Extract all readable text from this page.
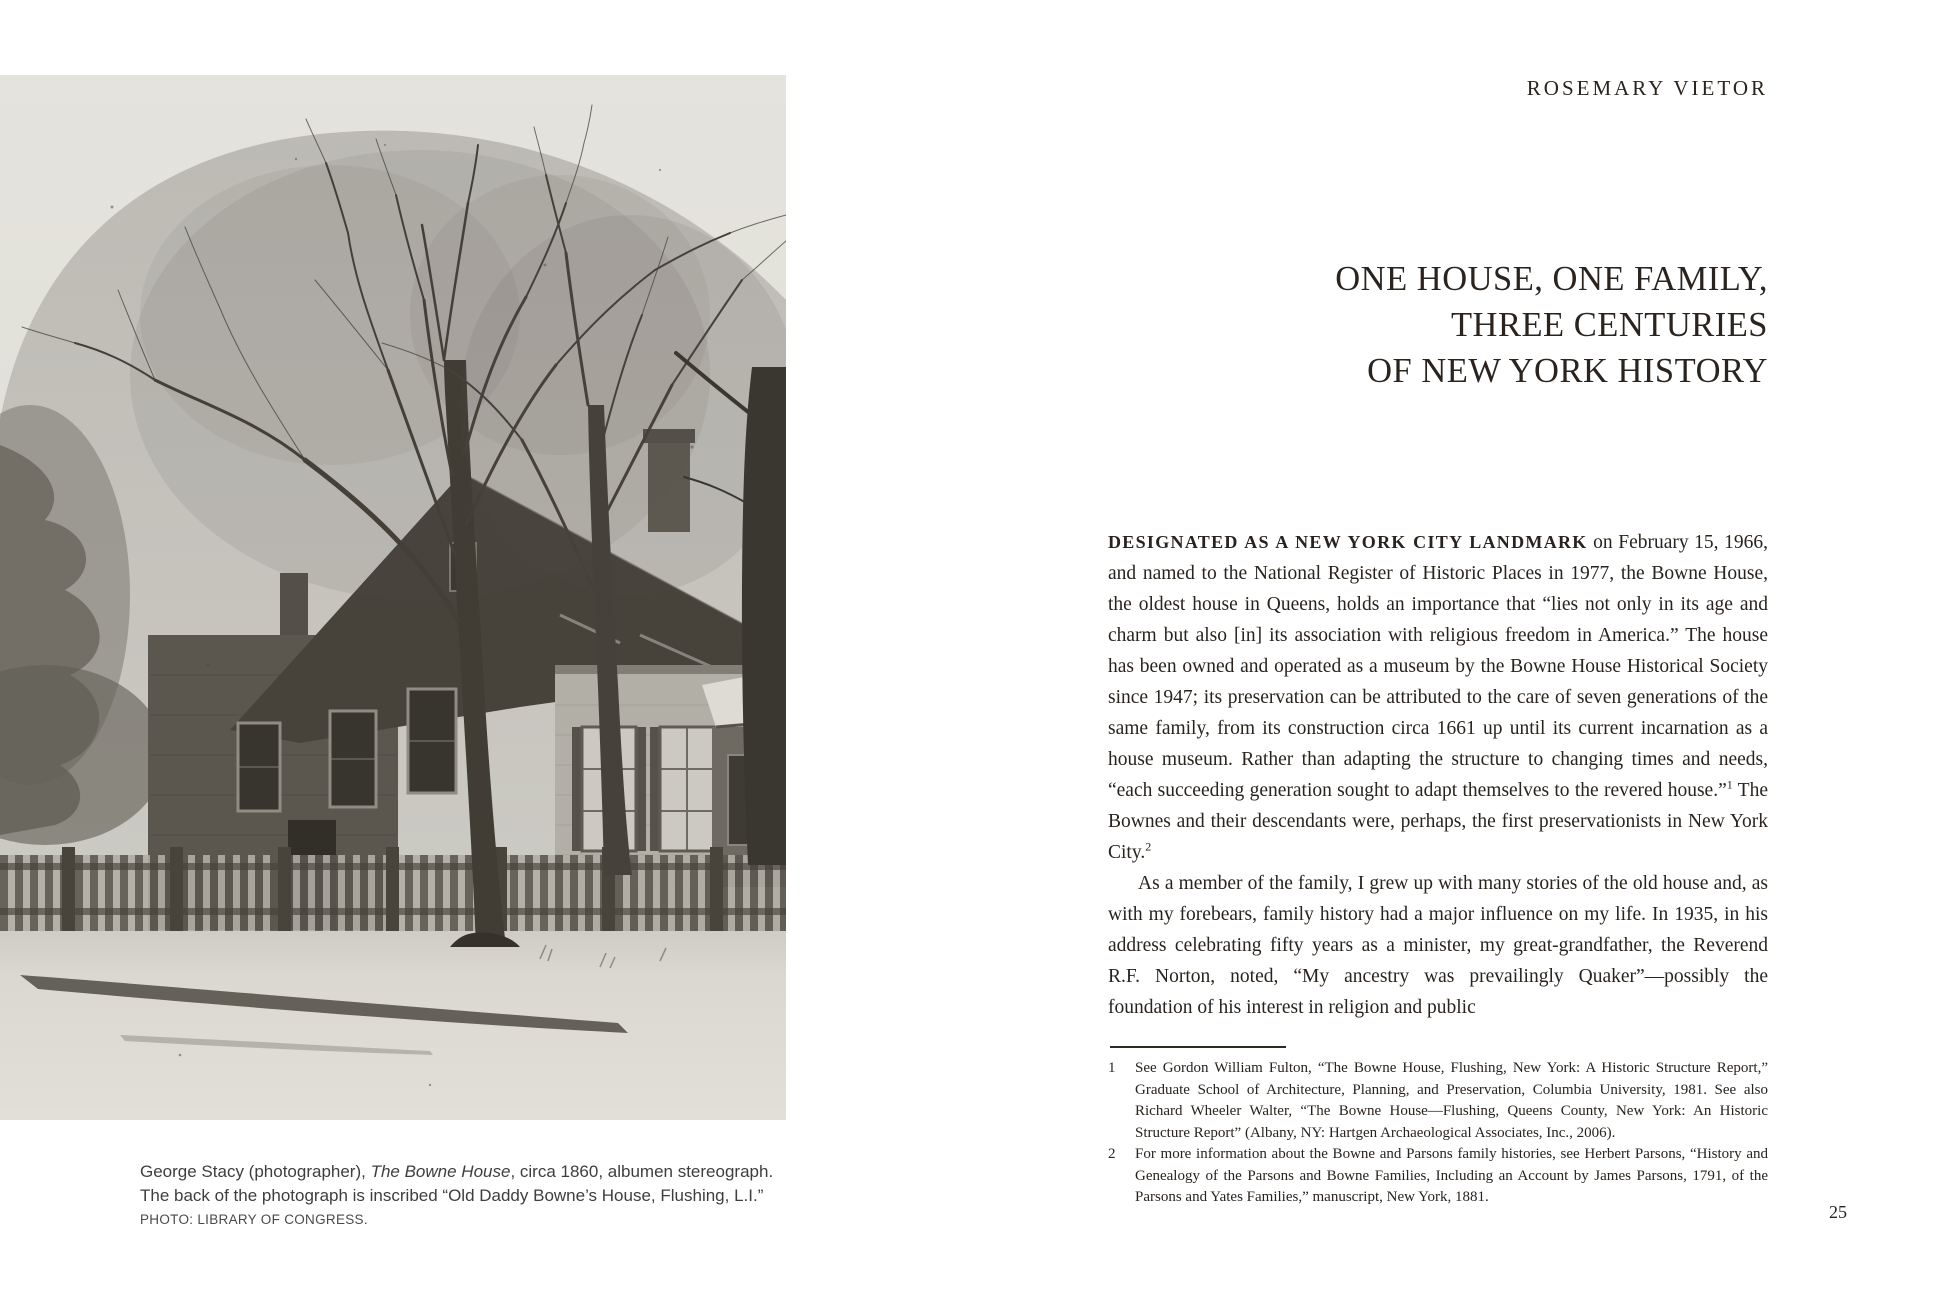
George Stacy (photographer), The Bowne House, circa 1860, albumen stereograph. The back of the photograph is inscribed “Old Daddy Bowne’s House, Flushing, L.I.” PHOTO: LIBRARY OF CONGRESS.
ROSEMARY VIETOR
ONE HOUSE, ONE FAMILY,
THREE CENTURIES
OF NEW YORK HISTORY

DESIGNATED AS A NEW YORK CITY LANDMARK on February 15, 1966, and named to the National Register of Historic Places in 1977, the Bowne House, the oldest house in Queens, holds an importance that “lies not only in its age and charm but also [in] its association with religious freedom in America.” The house has been owned and operated as a museum by the Bowne House Historical Society since 1947; its preservation can be attributed to the care of seven generations of the same family, from its construction circa 1661 up until its current incarnation as a house museum. Rather than adapting the structure to changing times and needs, “each succeeding generation sought to adapt themselves to the revered house.”$^1$ The Bownes and their descendants were, perhaps, the first preservationists in New York City.$^2$

As a member of the family, I grew up with many stories of the old house and, as with my forebears, family history had a major influence on my life. In 1935, in his address celebrating fifty years as a minister, my great-grandfather, the Reverend R.F. Norton, noted, “My ancestry was prevailingly Quaker”—possibly the foundation of his interest in religion and public

1	See Gordon William Fulton, “The Bowne House, Flushing, New York: A Historic Structure Report,” Graduate School of Architecture, Planning, and Preservation, Columbia University, 1981. See also Richard Wheeler Walter, “The Bowne House—Flushing, Queens County, New York: An Historic Structure Report” (Albany, NY: Hartgen Archaeological Associates, Inc., 2006).
2	For more information about the Bowne and Parsons family histories, see Herbert Parsons, “History and Genealogy of the Parsons and Bowne Families, Including an Account by James Parsons, 1791, of the Parsons and Yates Families,” manuscript, New York, 1881.
25
